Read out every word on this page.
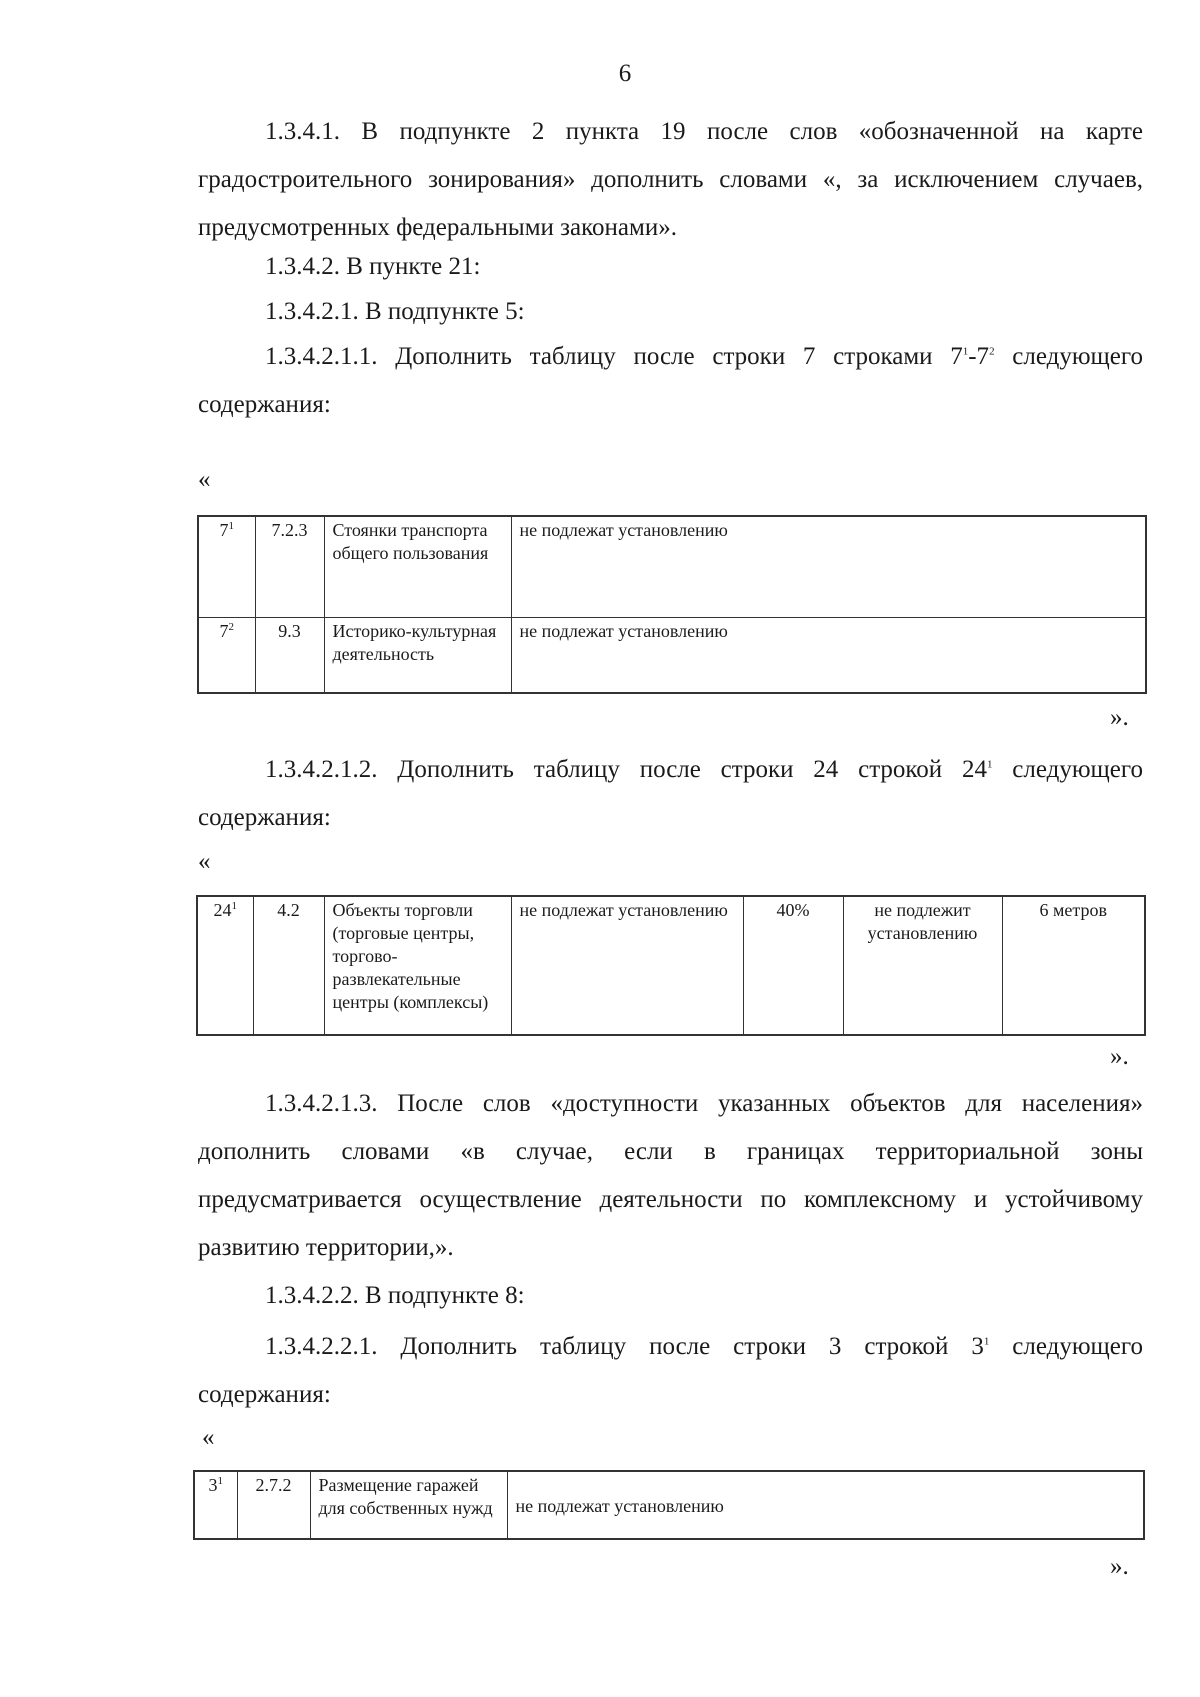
6

1.3.4.1. В подпункте 2 пункта 19 после слов «обозначенной на карте градостроительного зонирования» дополнить словами «, за исключением случаев, предусмотренных федеральными законами».

1.3.4.2. В пункте 21:

1.3.4.2.1. В подпункте 5:

1.3.4.2.1.1. Дополнить таблицу после строки 7 строками $7^1-7^2$ следующего содержания:

«
$7^1$	7.2.3	Стоянки транспорта общего пользования	не подлежат установлению
$7^2$	9.3	Историко-культурная деятельность	не подлежат установлению
».

1.3.4.2.1.2. Дополнить таблицу после строки 24 строкой $24^1$ следующего содержания:

«
$24^1$	4.2	Объекты торговли (торговые центры, торгово-развлекательные центры (комплексы)	не подлежат установлению	40%	не подлежит установлению	6 метров
».

1.3.4.2.1.3. После слов «доступности указанных объектов для населения» дополнить словами «в случае, если в границах территориальной зоны предусматривается осуществление деятельности по комплексному и устойчивому развитию территории,».

1.3.4.2.2. В подпункте 8:

1.3.4.2.2.1. Дополнить таблицу после строки 3 строкой $3^1$ следующего содержания:

«
$3^1$	2.7.2	Размещение гаражей для собственных нужд	не подлежат установлению
».
